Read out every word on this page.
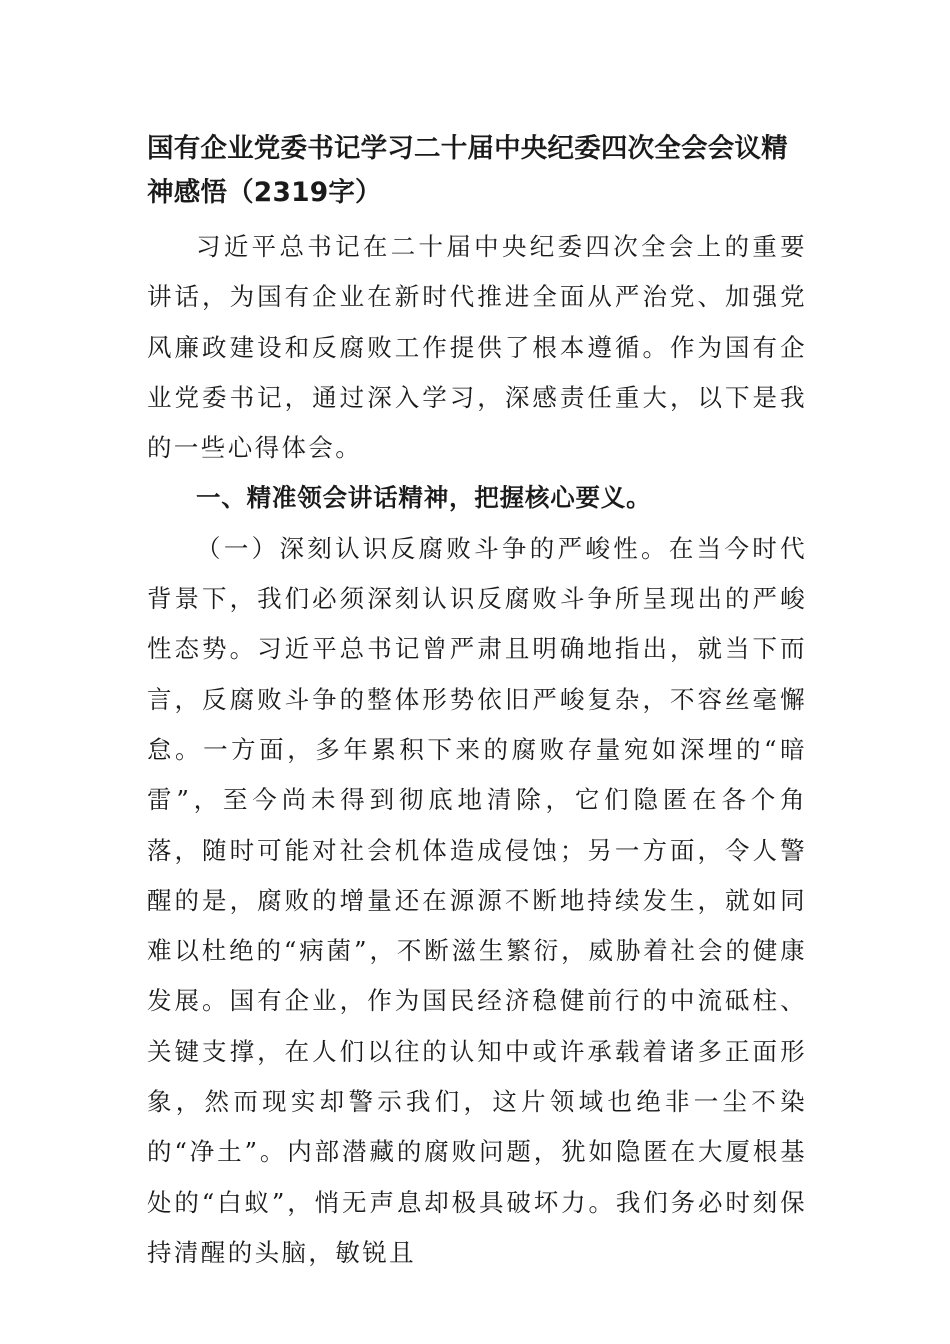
国有企业党委书记学习二十届中央纪委四次全会会议精神感悟（2319字）

习近平总书记在二十届中央纪委四次全会上的重要讲话，为国有企业在新时代推进全面从严治党、加强党风廉政建设和反腐败工作提供了根本遵循。作为国有企业党委书记，通过深入学习，深感责任重大，以下是我的一些心得体会。

一、精准领会讲话精神，把握核心要义。

（一）深刻认识反腐败斗争的严峻性。在当今时代背景下，我们必须深刻认识反腐败斗争所呈现出的严峻性态势。习近平总书记曾严肃且明确地指出，就当下而言，反腐败斗争的整体形势依旧严峻复杂，不容丝毫懈怠。一方面，多年累积下来的腐败存量宛如深埋的“暗雷”，至今尚未得到彻底地清除，它们隐匿在各个角落，随时可能对社会机体造成侵蚀；另一方面，令人警醒的是，腐败的增量还在源源不断地持续发生，就如同难以杜绝的“病菌”，不断滋生繁衍，威胁着社会的健康发展。国有企业，作为国民经济稳健前行的中流砥柱、关键支撑，在人们以往的认知中或许承载着诸多正面形象，然而现实却警示我们，这片领域也绝非一尘不染的“净土”。内部潜藏的腐败问题，犹如隐匿在大厦根基处的“白蚁”，悄无声息却极具破坏力。我们务必时刻保持清醒的头脑，敏锐且
